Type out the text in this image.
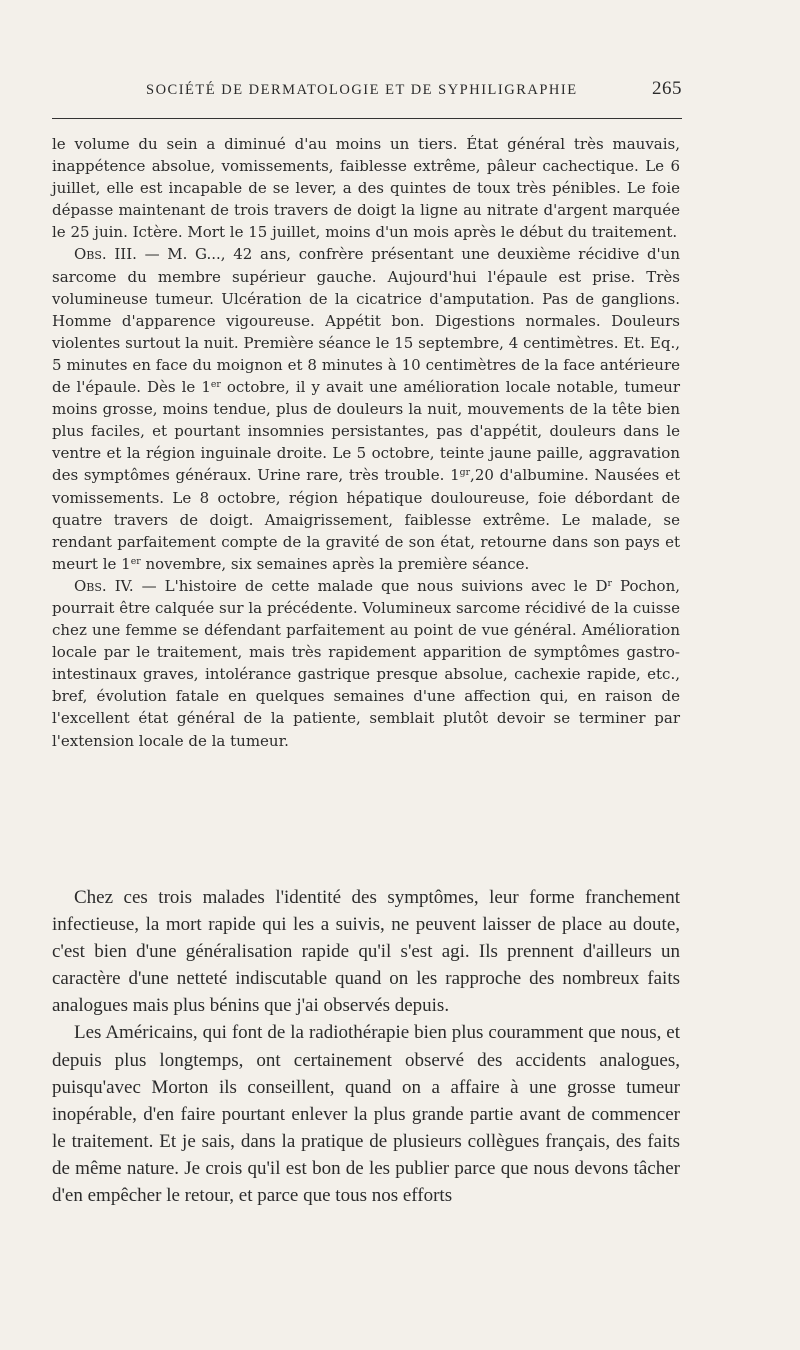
SOCIÉTÉ DE DERMATOLOGIE ET DE SYPHILIGRAPHIE	265

le volume du sein a diminué d'au moins un tiers. État général très mauvais, inappétence absolue, vomissements, faiblesse extrême, pâleur cachectique. Le 6 juillet, elle est incapable de se lever, a des quintes de toux très pénibles. Le foie dépasse maintenant de trois travers de doigt la ligne au nitrate d'argent marquée le 25 juin. Ictère. Mort le 15 juillet, moins d'un mois après le début du traitement.

Obs. III. — M. G..., 42 ans, confrère présentant une deuxième récidive d'un sarcome du membre supérieur gauche. Aujourd'hui l'épaule est prise. Très volumineuse tumeur. Ulcération de la cicatrice d'amputation. Pas de ganglions. Homme d'apparence vigoureuse. Appétit bon. Digestions normales. Douleurs violentes surtout la nuit. Première séance le 15 septembre, 4 centimètres. Et. Eq., 5 minutes en face du moignon et 8 minutes à 10 centimètres de la face antérieure de l'épaule. Dès le 1er octobre, il y avait une amélioration locale notable, tumeur moins grosse, moins tendue, plus de douleurs la nuit, mouvements de la tête bien plus faciles, et pourtant insomnies persistantes, pas d'appétit, douleurs dans le ventre et la région inguinale droite. Le 5 octobre, teinte jaune paille, aggravation des symptômes généraux. Urine rare, très trouble. $1^{gr},20$ d'albumine. Nausées et vomissements. Le 8 octobre, région hépatique douloureuse, foie débordant de quatre travers de doigt. Amaigrissement, faiblesse extrême. Le malade, se rendant parfaitement compte de la gravité de son état, retourne dans son pays et meurt le 1er novembre, six semaines après la première séance.

Obs. IV. — L'histoire de cette malade que nous suivions avec le $D^r$ Pochon, pourrait être calquée sur la précédente. Volumineux sarcome récidivé de la cuisse chez une femme se défendant parfaitement au point de vue général. Amélioration locale par le traitement, mais très rapidement apparition de symptômes gastro-intestinaux graves, intolérance gastrique presque absolue, cachexie rapide, etc., bref, évolution fatale en quelques semaines d'une affection qui, en raison de l'excellent état général de la patiente, semblait plutôt devoir se terminer par l'extension locale de la tumeur.

Chez ces trois malades l'identité des symptômes, leur forme franchement infectieuse, la mort rapide qui les a suivis, ne peuvent laisser de place au doute, c'est bien d'une généralisation rapide qu'il s'est agi. Ils prennent d'ailleurs un caractère d'une netteté indiscutable quand on les rapproche des nombreux faits analogues mais plus bénins que j'ai observés depuis.

Les Américains, qui font de la radiothérapie bien plus couramment que nous, et depuis plus longtemps, ont certainement observé des accidents analogues, puisqu'avec Morton ils conseillent, quand on a affaire à une grosse tumeur inopérable, d'en faire pourtant enlever la plus grande partie avant de commencer le traitement. Et je sais, dans la pratique de plusieurs collègues français, des faits de même nature. Je crois qu'il est bon de les publier parce que nous devons tâcher d'en empêcher le retour, et parce que tous nos efforts
